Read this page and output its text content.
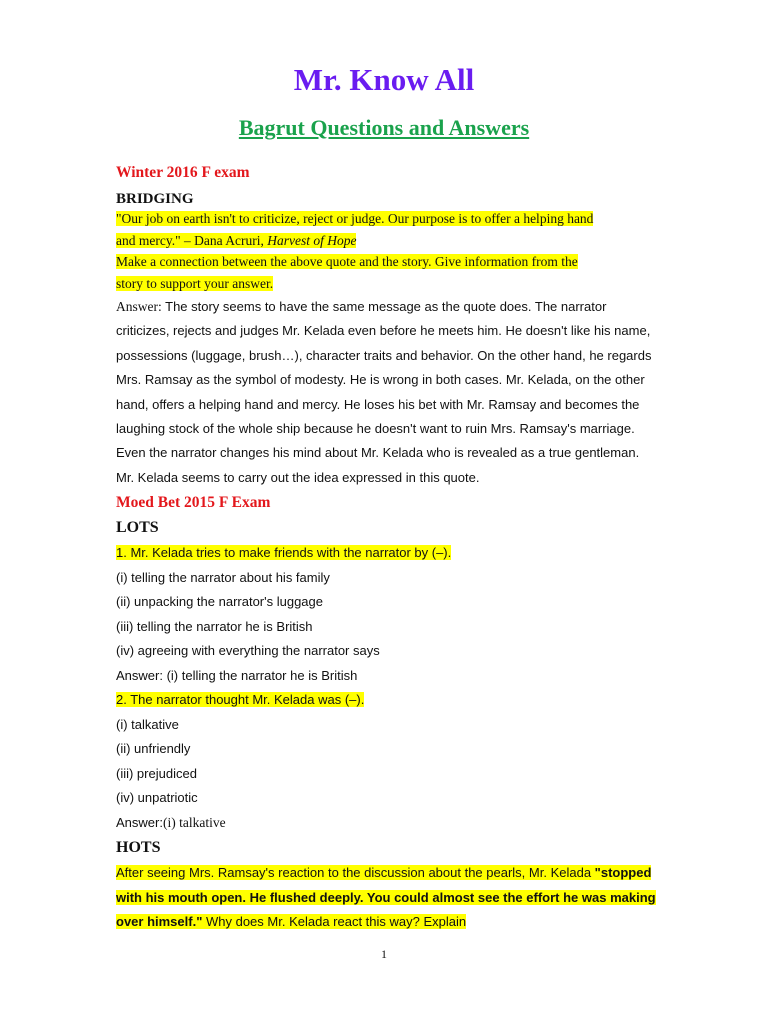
Mr. Know All
Bagrut Questions and Answers
Winter 2016 F exam
BRIDGING
"Our job on earth isn't to criticize, reject or judge. Our purpose is to offer a helping hand
and mercy." – Dana Acruri, Harvest of Hope
Make a connection between the above quote and the story. Give information from the
story to support your answer.
Answer: The story seems to have the same message as the quote does. The narrator criticizes, rejects and judges Mr. Kelada even before he meets him. He doesn't like his name, possessions (luggage, brush…), character traits and behavior. On the other hand, he regards Mrs. Ramsay as the symbol of modesty. He is wrong in both cases. Mr. Kelada, on the other hand, offers a helping hand and mercy. He loses his bet with Mr. Ramsay and becomes the laughing stock of the whole ship because he doesn't want to ruin Mrs. Ramsay's marriage. Even the narrator changes his mind about Mr. Kelada who is revealed as a true gentleman. Mr. Kelada seems to carry out the idea expressed in this quote.
Moed Bet 2015 F Exam
LOTS
1. Mr. Kelada tries to make friends with the narrator by (–).
(i) telling the narrator about his family
(ii) unpacking the narrator's luggage
(iii) telling the narrator he is British
(iv) agreeing with everything the narrator says
Answer: (i) telling the narrator he is British
2. The narrator thought Mr. Kelada was (–).
(i) talkative
(ii) unfriendly
(iii) prejudiced
(iv) unpatriotic
Answer:(i) talkative
HOTS
After seeing Mrs. Ramsay's reaction to the discussion about the pearls, Mr. Kelada "stopped
with his mouth open. He flushed deeply. You could almost see the effort he was making
over himself." Why does Mr. Kelada react this way? Explain
1
